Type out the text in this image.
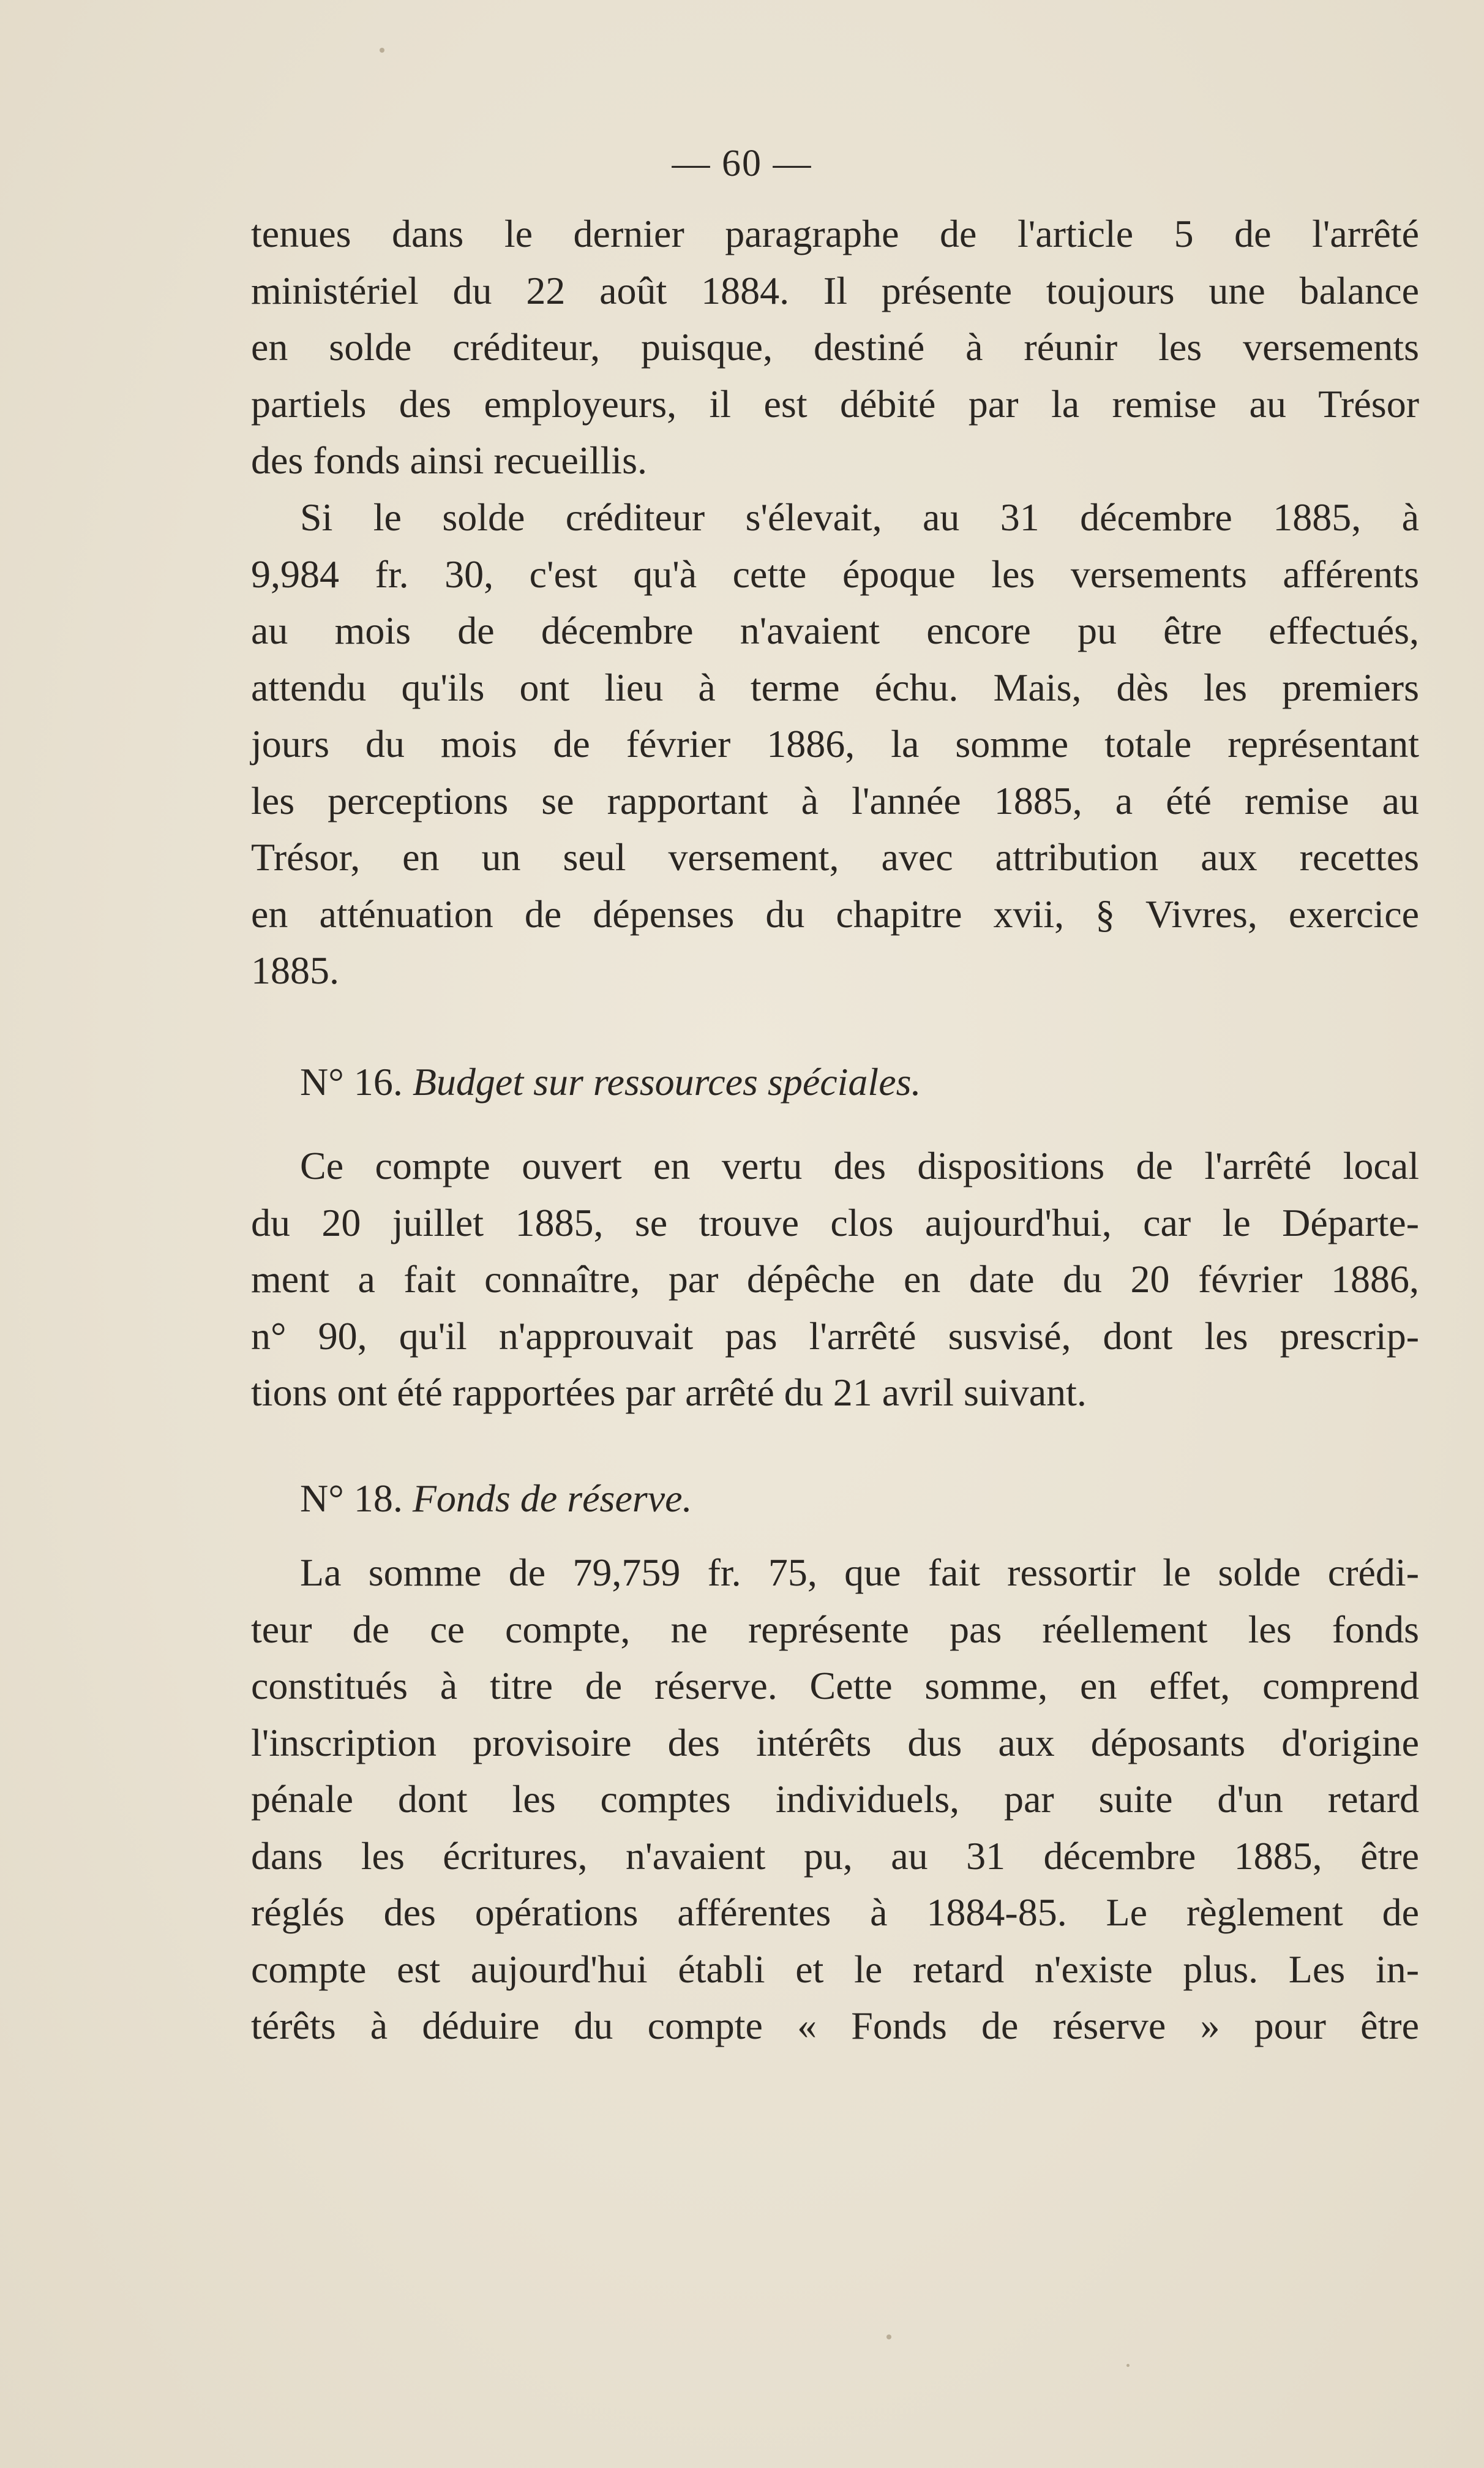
— 60 —
tenues dans le dernier paragraphe de l'article 5 de l'arrêté
ministériel du 22 août 1884. Il présente toujours une balance
en solde créditeur, puisque, destiné à réunir les versements
partiels des employeurs, il est débité par la remise au Trésor
des fonds ainsi recueillis.
Si le solde créditeur s'élevait, au 31 décembre 1885, à
9,984 fr. 30, c'est qu'à cette époque les versements afférents
au mois de décembre n'avaient encore pu être effectués,
attendu qu'ils ont lieu à terme échu. Mais, dès les premiers
jours du mois de février 1886, la somme totale représentant
les perceptions se rapportant à l'année 1885, a été remise au
Trésor, en un seul versement, avec attribution aux recettes
en atténuation de dépenses du chapitre xvii, § Vivres, exercice
1885.
N° 16. Budget sur ressources spéciales.
Ce compte ouvert en vertu des dispositions de l'arrêté local
du 20 juillet 1885, se trouve clos aujourd'hui, car le Départe-
ment a fait connaître, par dépêche en date du 20 février 1886,
n° 90, qu'il n'approuvait pas l'arrêté susvisé, dont les prescrip-
tions ont été rapportées par arrêté du 21 avril suivant.
N° 18. Fonds de réserve.
La somme de 79,759 fr. 75, que fait ressortir le solde crédi-
teur de ce compte, ne représente pas réellement les fonds
constitués à titre de réserve. Cette somme, en effet, comprend
l'inscription provisoire des intérêts dus aux déposants d'origine
pénale dont les comptes individuels, par suite d'un retard
dans les écritures, n'avaient pu, au 31 décembre 1885, être
réglés des opérations afférentes à 1884-85. Le règlement de
compte est aujourd'hui établi et le retard n'existe plus. Les in-
térêts à déduire du compte « Fonds de réserve » pour être
